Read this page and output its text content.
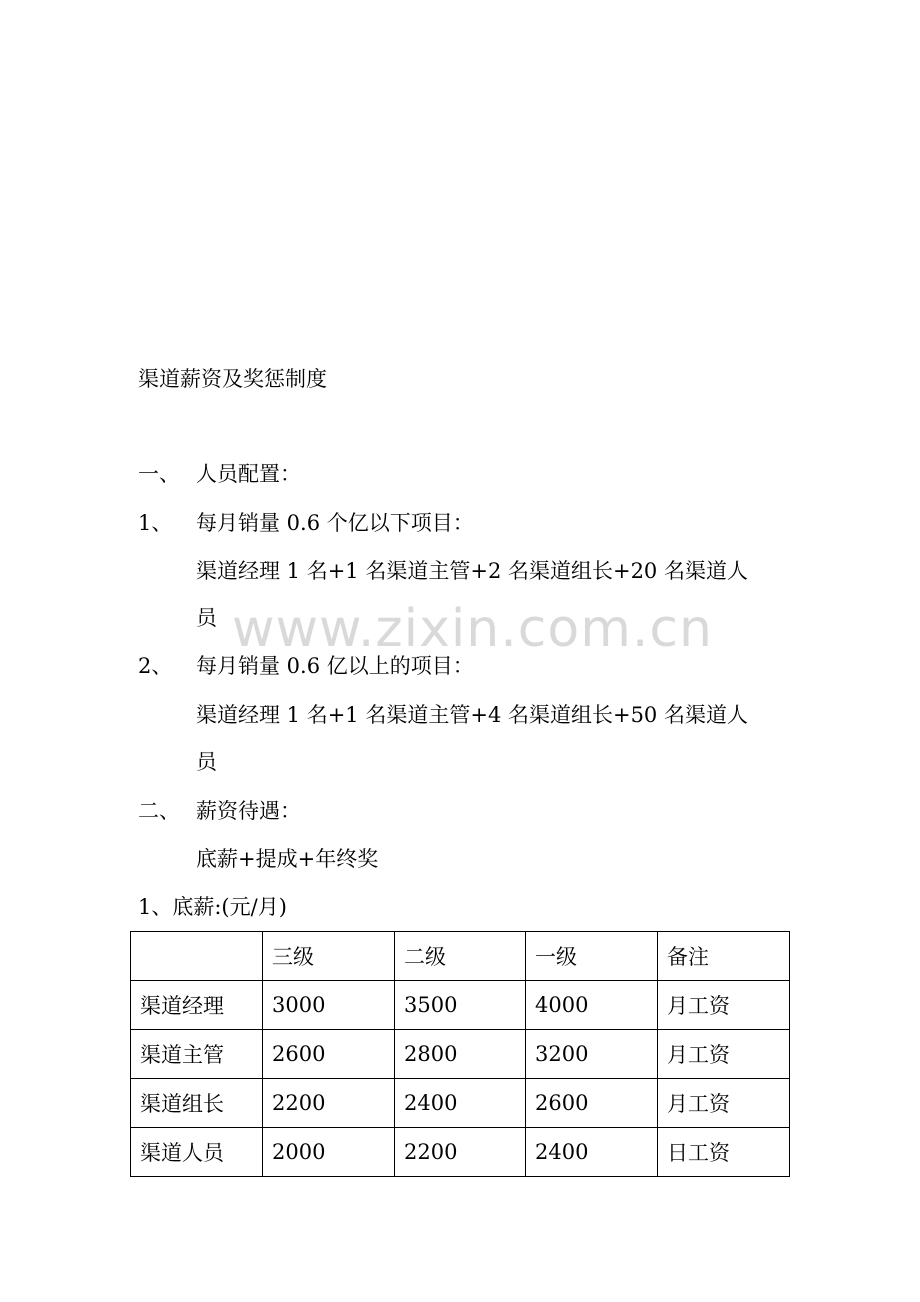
www.zixin.com.cn
渠道薪资及奖惩制度
一、 人员配置：
1、 每月销量 0.6 个亿以下项目：
渠道经理 1 名+1 名渠道主管+2 名渠道组长+20 名渠道人
员
2、 每月销量 0.6 亿以上的项目：
渠道经理 1 名+1 名渠道主管+4 名渠道组长+50 名渠道人
员
二、 薪资待遇：
底薪+提成+年终奖
1、底薪:(元/月)
	三级	二级	一级	备注
渠道经理	3000	3500	4000	月工资
渠道主管	2600	2800	3200	月工资
渠道组长	2200	2400	2600	月工资
渠道人员	2000	2200	2400	日工资
